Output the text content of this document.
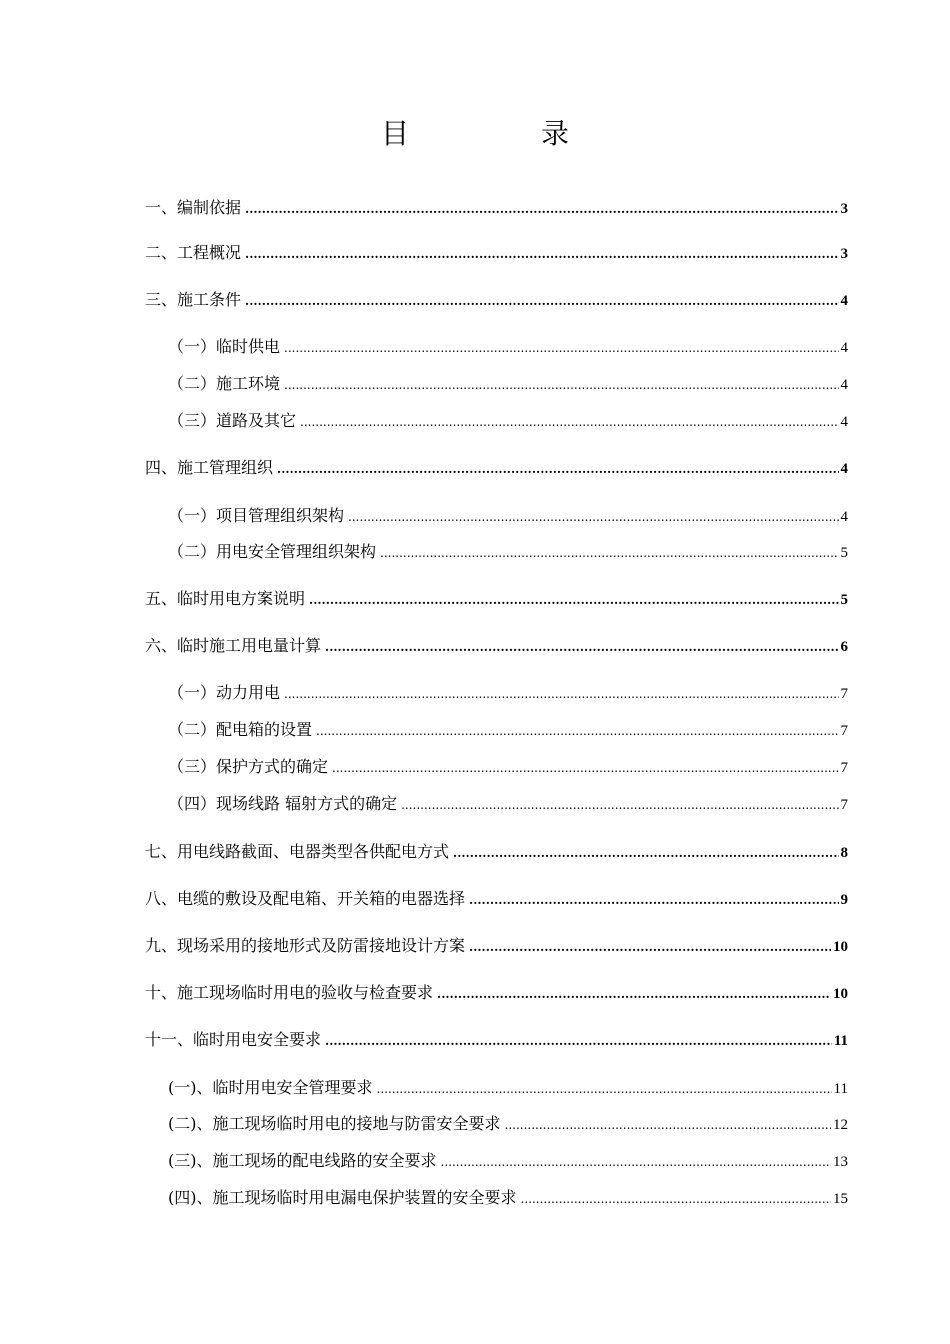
目　录
一、编制依据 .....	3
二、工程概况 .....	3
三、施工条件 .....	4
（一）临时供电 .....	4
（二）施工环境 .....	4
（三）道路及其它 .....	4
四、施工管理组织 .....	4
（一）项目管理组织架构 .....	4
（二）用电安全管理组织架构 .....	5
五、临时用电方案说明 .....	5
六、临时施工用电量计算 .....	6
（一）动力用电 .....	7
（二）配电箱的设置 .....	7
（三）保护方式的确定 .....	7
（四）现场线路 辐射方式的确定 .....	7
七、用电线路截面、电器类型各供配电方式 .....	8
八、电缆的敷设及配电箱、开关箱的电器选择 .....	9
九、现场采用的接地形式及防雷接地设计方案 .....	10
十、施工现场临时用电的验收与检查要求 .....	10
十一、临时用电安全要求 .....	11
(一)、临时用电安全管理要求 .....	11
(二)、施工现场临时用电的接地与防雷安全要求 .....	12
(三)、施工现场的配电线路的安全要求 .....	13
(四)、施工现场临时用电漏电保护装置的安全要求 .....	15
